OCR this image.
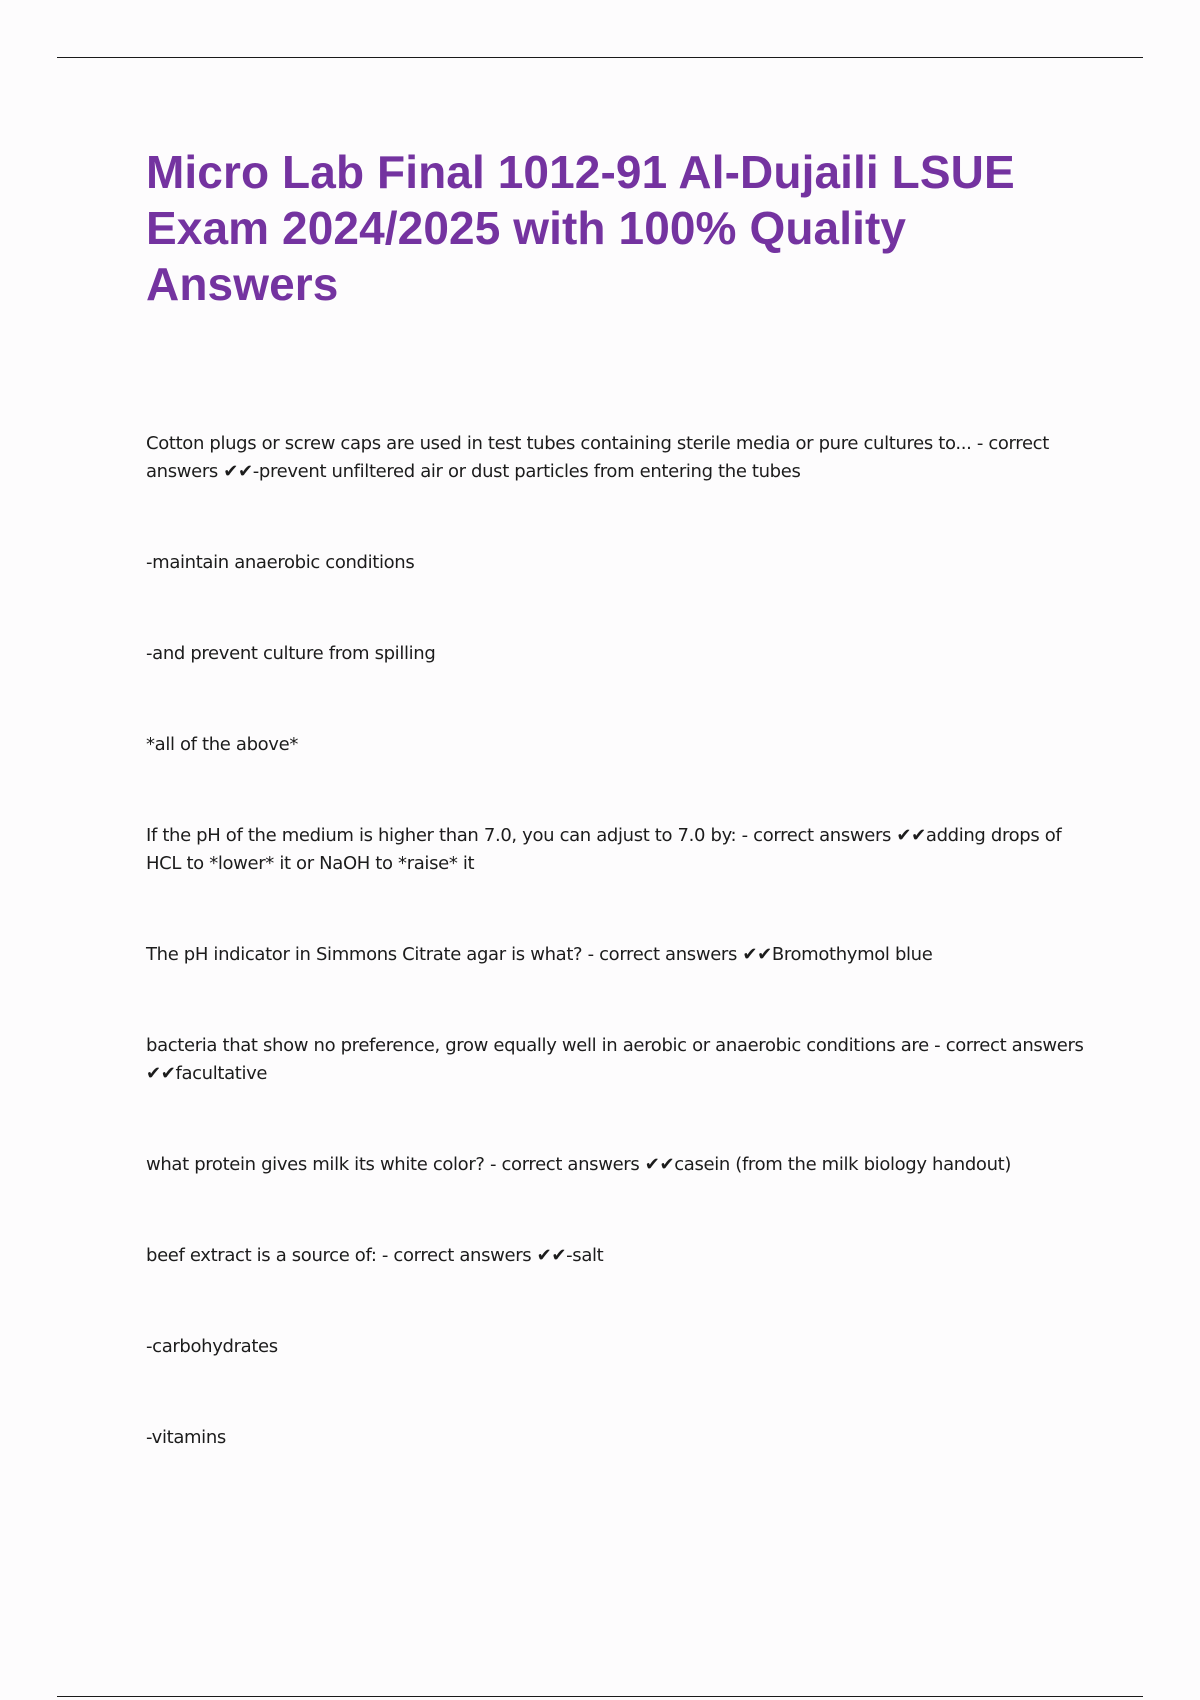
Micro Lab Final 1012-91 Al-Dujaili LSUE Exam 2024/2025 with 100% Quality Answers

Cotton plugs or screw caps are used in test tubes containing sterile media or pure cultures to... - correct answers ✔✔-prevent unfiltered air or dust particles from entering the tubes

-maintain anaerobic conditions

-and prevent culture from spilling

*all of the above*

If the pH of the medium is higher than 7.0, you can adjust to 7.0 by: - correct answers ✔✔adding drops of HCL to *lower* it or NaOH to *raise* it

The pH indicator in Simmons Citrate agar is what? - correct answers ✔✔Bromothymol blue

bacteria that show no preference, grow equally well in aerobic or anaerobic conditions are - correct answers ✔✔facultative

what protein gives milk its white color? - correct answers ✔✔casein (from the milk biology handout)

beef extract is a source of: - correct answers ✔✔-salt

-carbohydrates

-vitamins
